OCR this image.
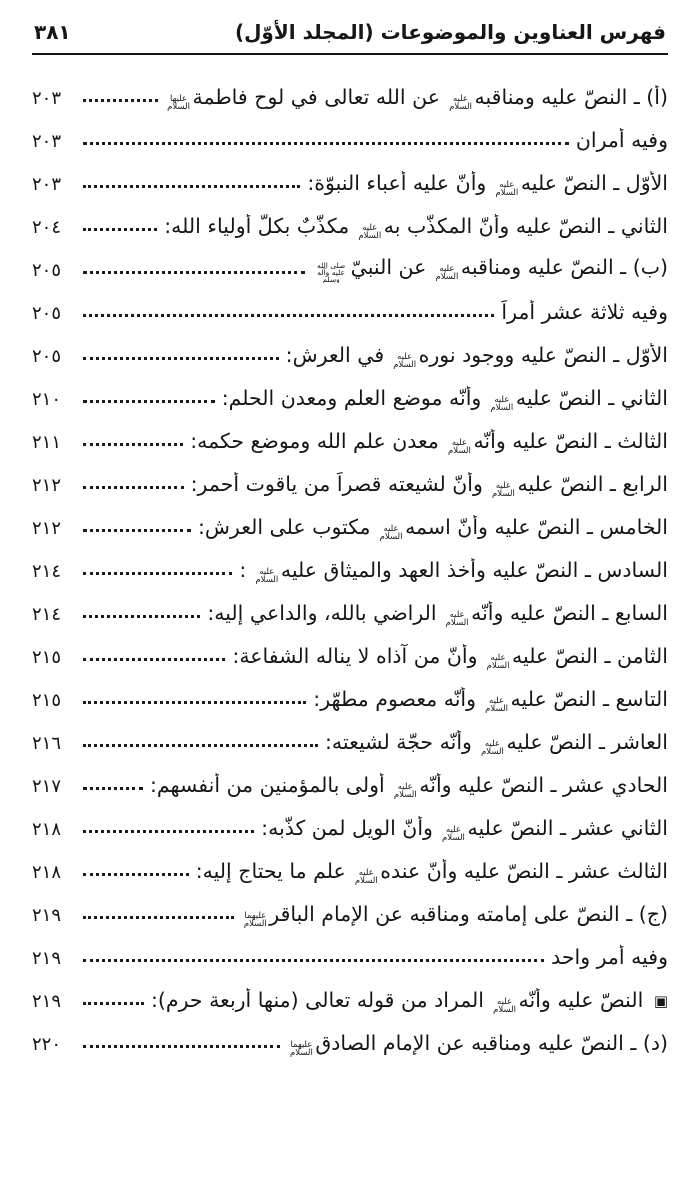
فهرس العناوين والموضوعات (المجلد الأوّل)
٣٨١
(أ) ـ النصّ عليه ومناقبهعليه السلام عن الله تعالى في لوح فاطمةعليها السلام
٢٠٣
وفيه أمران
٢٠٣
الأوّل ـ النصّ عليهعليه السلام وأنّ عليه أعباء النبوّة:
٢٠٣
الثاني ـ النصّ عليه وأنّ المكذّب بهعليه السلام مكذّبٌ بكلّ أولياء الله:
٢٠٤
(ب) ـ النصّ عليه ومناقبهعليه السلام عن النبيّصلى الله عليه وآله وسلم
٢٠٥
وفيه ثلاثة عشر أمراً
٢٠٥
الأوّل ـ النصّ عليه ووجود نورهعليه السلام في العرش:
٢٠٥
الثاني ـ النصّ عليهعليه السلام وأنّه موضع العلم ومعدن الحلم:
٢١٠
الثالث ـ النصّ عليه وأنّهعليه السلام معدن علم الله وموضع حكمه:
٢١١
الرابع ـ النصّ عليهعليه السلام وأنّ لشيعته قصراً من ياقوت أحمر:
٢١٢
الخامس ـ النصّ عليه وأنّ اسمهعليه السلام مكتوب على العرش:
٢١٢
السادس ـ النصّ عليه وأخذ العهد والميثاق عليهعليه السلام :
٢١٤
السابع ـ النصّ عليه وأنّهعليه السلام الراضي بالله، والداعي إليه:
٢١٤
الثامن ـ النصّ عليهعليه السلام وأنّ من آذاه لا يناله الشفاعة:
٢١٥
التاسع ـ النصّ عليهعليه السلام وأنّه معصوم مطهّر:
٢١٥
العاشر ـ النصّ عليهعليه السلام وأنّه حجّة لشيعته:
٢١٦
الحادي عشر ـ النصّ عليه وأنّهعليه السلام أولى بالمؤمنين من أنفسهم:
٢١٧
الثاني عشر ـ النصّ عليهعليه السلام وأنّ الويل لمن كذّبه:
٢١٨
الثالث عشر ـ النصّ عليه وأنّ عندهعليه السلام علم ما يحتاج إليه:
٢١٨
(ج) ـ النصّ على إمامته ومناقبه عن الإمام الباقرعليهما السلام
٢١٩
وفيه أمر واحد
٢١٩
▣ النصّ عليه وأنّهعليه السلام المراد من قوله تعالى (منها أربعة حرم):
٢١٩
(د) ـ النصّ عليه ومناقبه عن الإمام الصادقعليهما السلام
٢٢٠
